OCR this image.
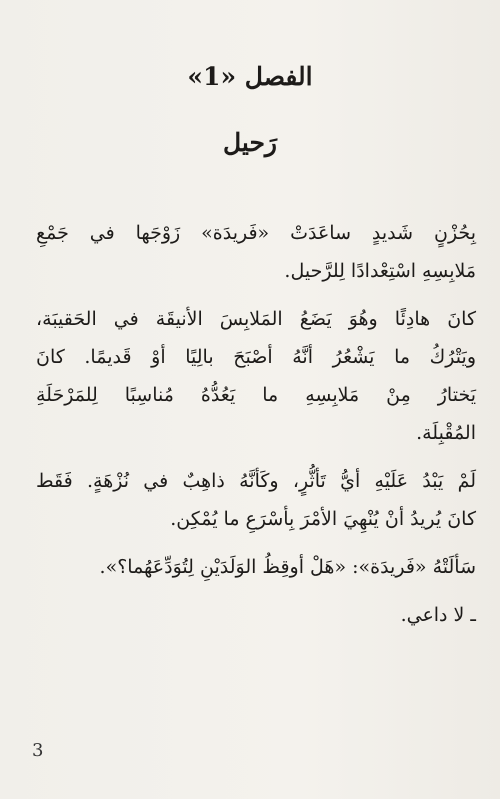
الفصل «1»
رَحيل
بِحُزْنٍ شَديدٍ ساعَدَتْ «فَريدَة» زَوْجَها في جَمْعِ
مَلابِسِهِ اسْتِعْدادًا لِلرَّحيل.
كانَ هادِئًا وهُوَ يَضَعُ المَلابِسَ الأنيقَة في الحَقيبَة،
ويَتْرُكُ ما يَشْعُرُ أنَّهُ أصْبَحَ بالِيًا أوْ قَديمًا. كانَ
يَختارُ مِنْ مَلابِسِهِ ما يَعُدُّهُ مُناسِبًا لِلمَرْحَلَةِ
المُقْبِلَة.
لَمْ يَبْدُ عَلَيْهِ أيُّ تَأثُّرٍ، وكَأنَّهُ ذاهِبٌ في نُزْهَةٍ. فَقَط
كانَ يُريدُ أنْ يُنْهِيَ الأمْرَ بِأسْرَعِ ما يُمْكِن.
سَألَتْهُ «فَريدَة»: «هَلْ أوقِظُ الوَلَدَيْنِ لِتُوَدِّعَهُما؟».
ـ لا داعي.
3
